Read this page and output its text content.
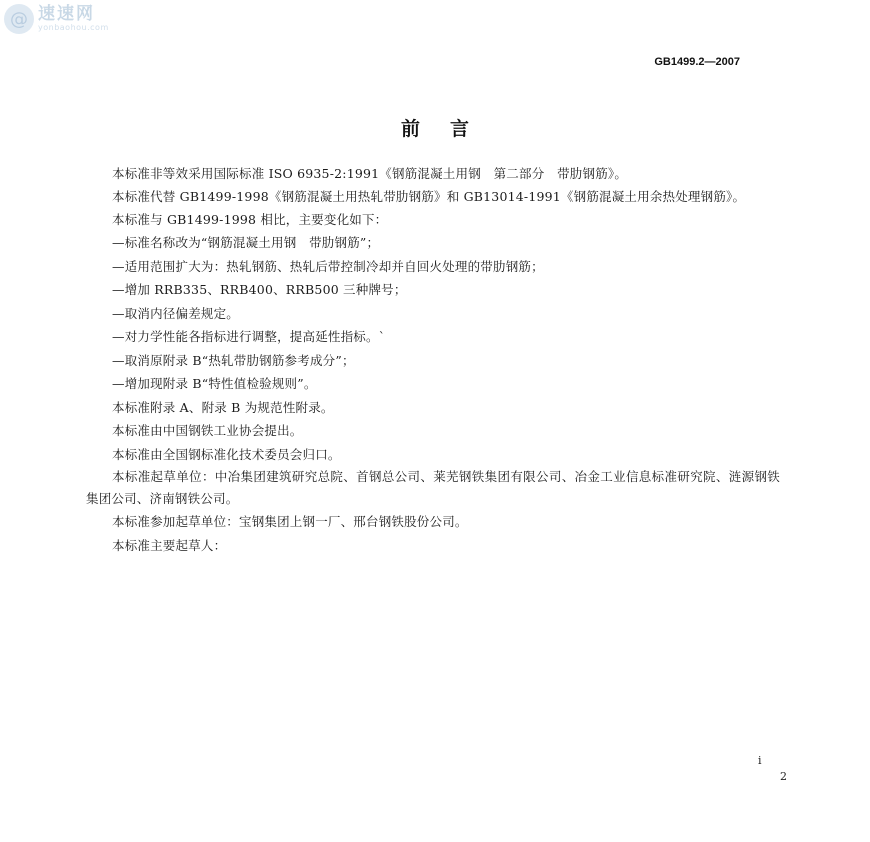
@ 速速网
yonbaohou.com
GB1499.2—2007
前言

本标准非等效采用国际标准 ISO 6935-2:1991《钢筋混凝土用钢　第二部分　带肋钢筋》。

本标准代替 GB1499-1998《钢筋混凝土用热轧带肋钢筋》和 GB13014-1991《钢筋混凝土用余热处理钢筋》。

本标准与 GB1499-1998 相比，主要变化如下：

—标准名称改为“钢筋混凝土用钢　带肋钢筋”；

—适用范围扩大为：热轧钢筋、热轧后带控制冷却并自回火处理的带肋钢筋；

—增加 RRB335、RRB400、RRB500 三种牌号；

—取消内径偏差规定。

—对力学性能各指标进行调整，提高延性指标。`

—取消原附录 B“热轧带肋钢筋参考成分”；

—增加现附录 B“特性值检验规则”。

本标准附录 A、附录 B 为规范性附录。

本标准由中国钢铁工业协会提出。

本标准由全国钢标准化技术委员会归口。

本标准起草单位：中冶集团建筑研究总院、首钢总公司、莱芜钢铁集团有限公司、冶金工业信息标准研究院、涟源钢铁集团公司、济南钢铁公司。

本标准参加起草单位：宝钢集团上钢一厂、邢台钢铁股份公司。

本标准主要起草人：

i
2
